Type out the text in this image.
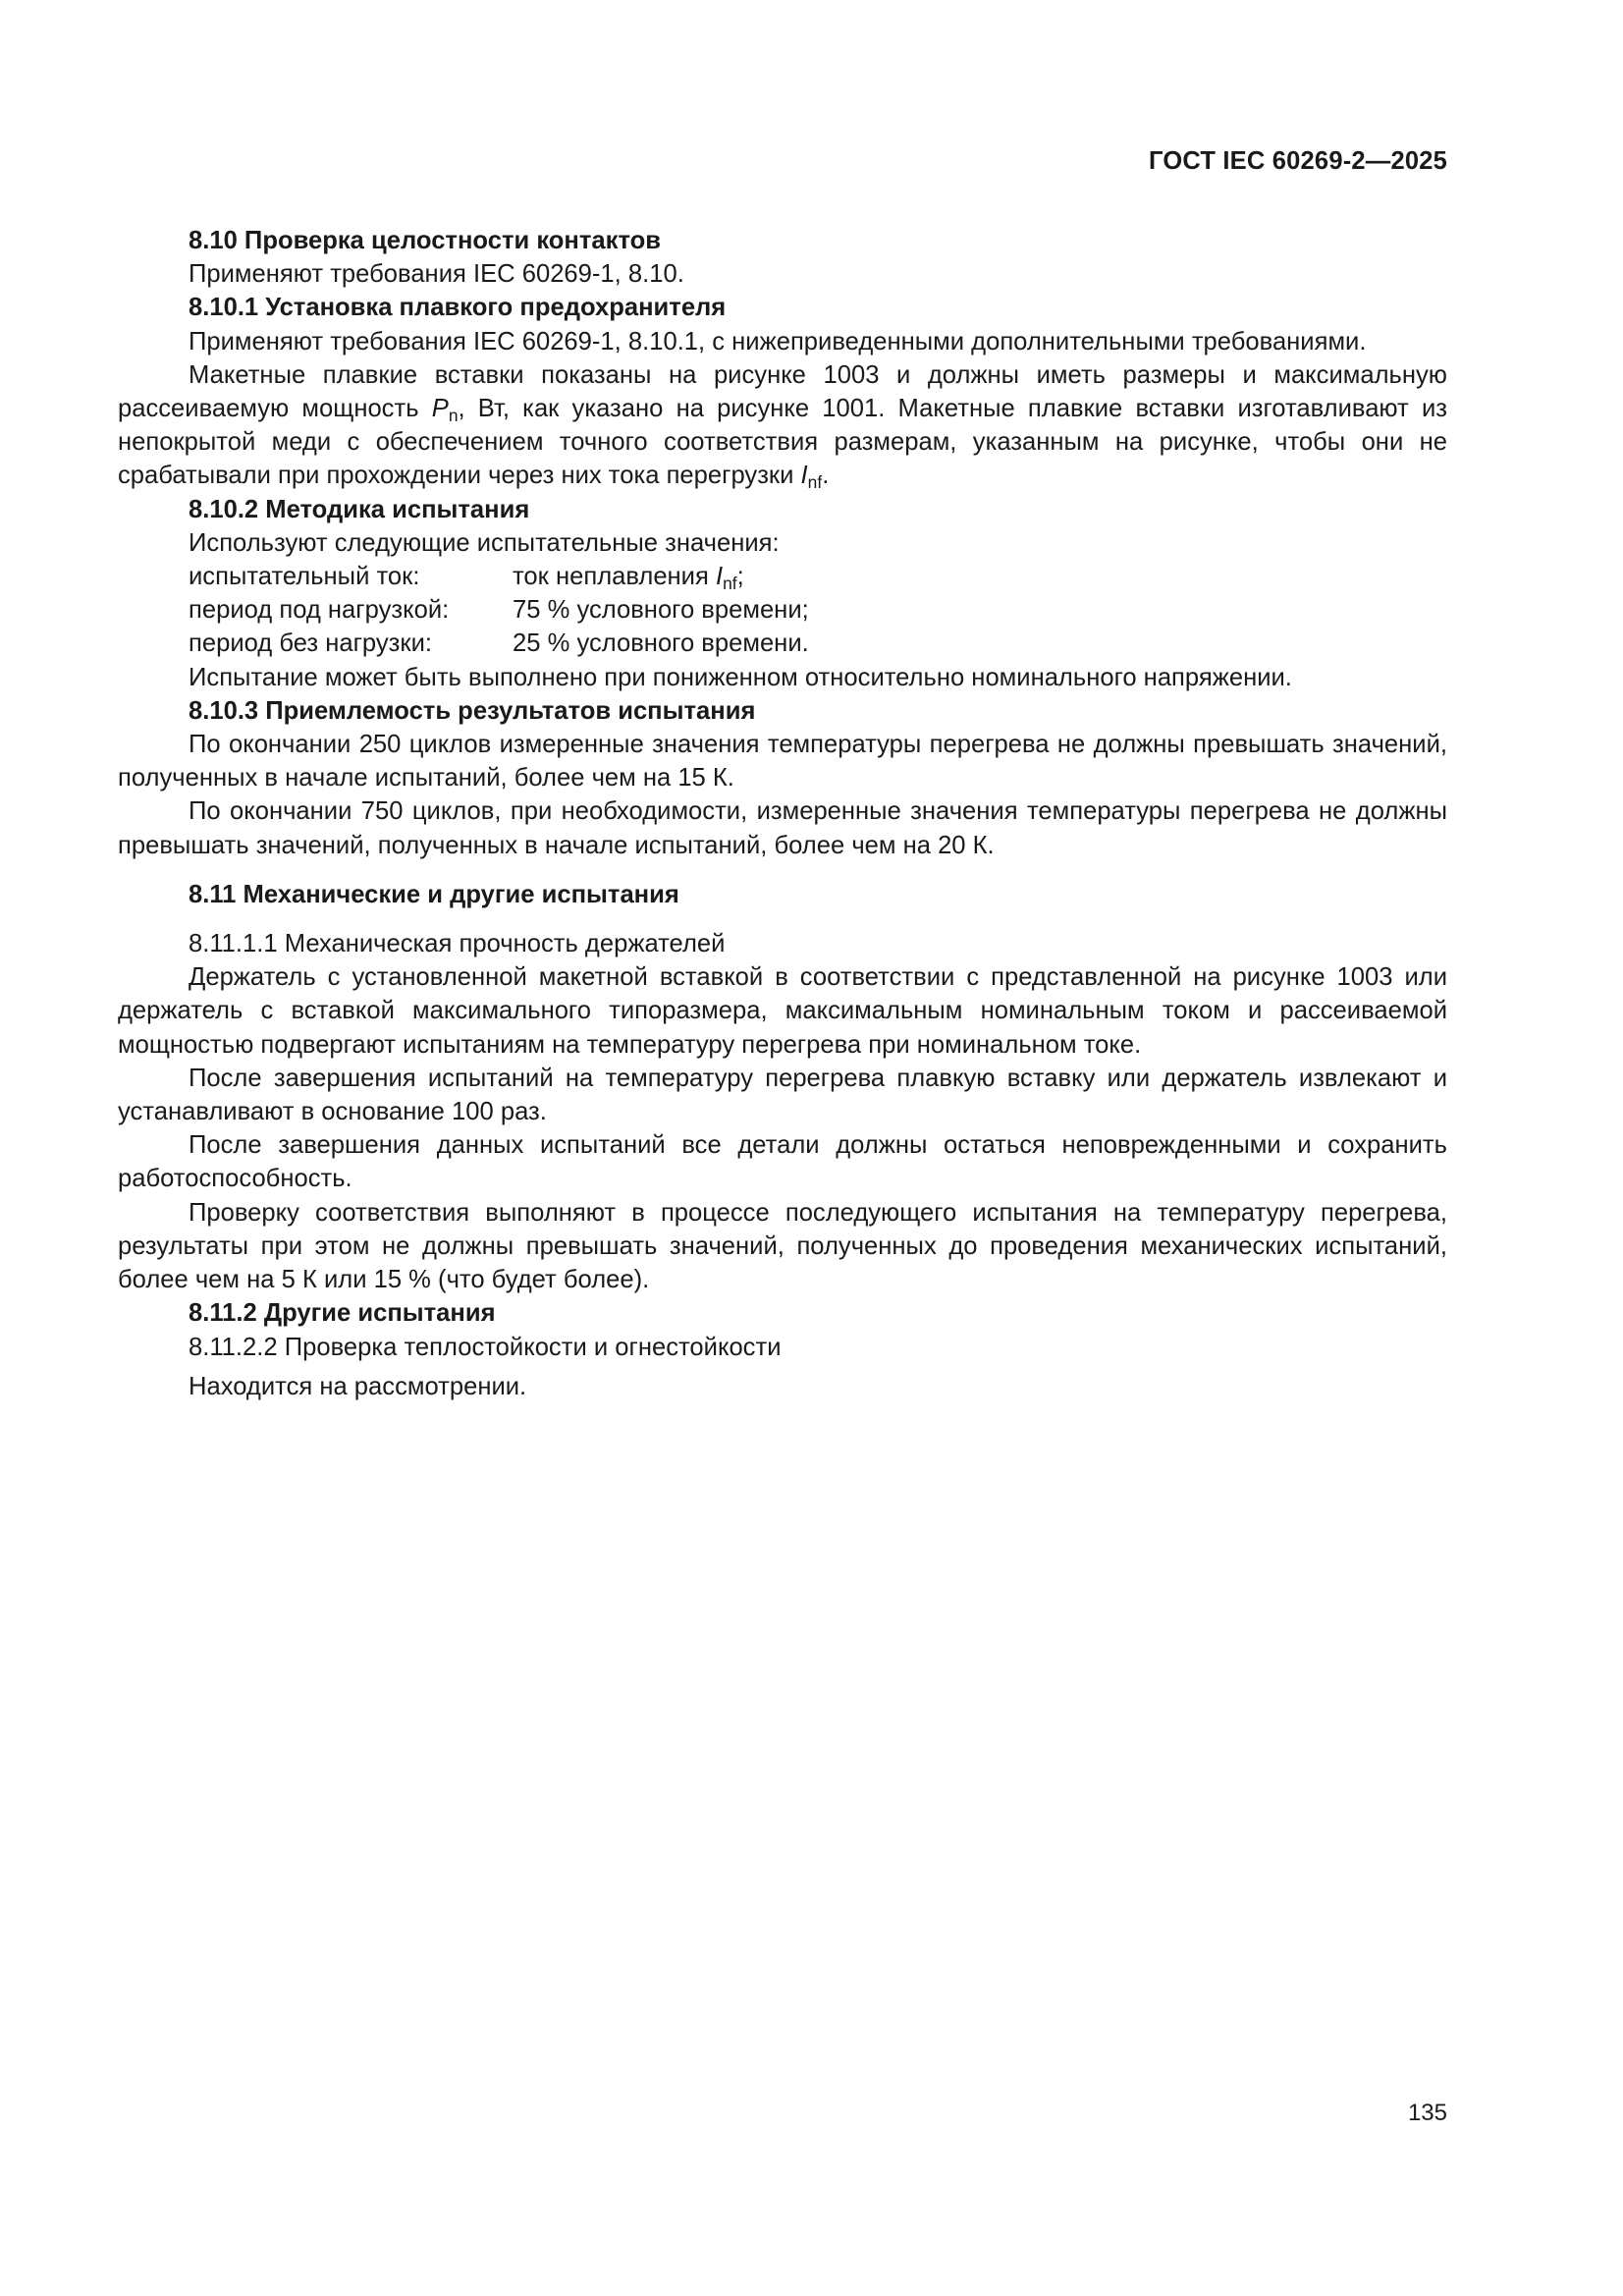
ГОСТ IEC 60269-2—2025

8.10 Проверка целостности контактов

Применяют требования IEC 60269-1, 8.10.

8.10.1 Установка плавкого предохранителя

Применяют требования IEC 60269-1, 8.10.1, с нижеприведенными дополнительными требованиями.

Макетные плавкие вставки показаны на рисунке 1003 и должны иметь размеры и максимальную рассеиваемую мощность $P_n$, Вт, как указано на рисунке 1001. Макетные плавкие вставки изготавливают из непокрытой меди с обеспечением точного соответствия размерам, указанным на рисунке, чтобы они не срабатывали при прохождении через них тока перегрузки $I_{nf}$.

8.10.2 Методика испытания

Используют следующие испытательные значения:

испытательный ток:	ток неплавления $I_{nf}$;
период под нагрузкой:	75 % условного времени;
период без нагрузки:	25 % условного времени.

Испытание может быть выполнено при пониженном относительно номинального напряжении.

8.10.3 Приемлемость результатов испытания

По окончании 250 циклов измеренные значения температуры перегрева не должны превышать значений, полученных в начале испытаний, более чем на 15 К.

По окончании 750 циклов, при необходимости, измеренные значения температуры перегрева не должны превышать значений, полученных в начале испытаний, более чем на 20 К.

8.11 Механические и другие испытания

8.11.1.1 Механическая прочность держателей

Держатель с установленной макетной вставкой в соответствии с представленной на рисунке 1003 или держатель с вставкой максимального типоразмера, максимальным номинальным током и рассеиваемой мощностью подвергают испытаниям на температуру перегрева при номинальном токе.

После завершения испытаний на температуру перегрева плавкую вставку или держатель извлекают и устанавливают в основание 100 раз.

После завершения данных испытаний все детали должны остаться неповрежденными и сохранить работоспособность.

Проверку соответствия выполняют в процессе последующего испытания на температуру перегрева, результаты при этом не должны превышать значений, полученных до проведения механических испытаний, более чем на 5 К или 15 % (что будет более).

8.11.2 Другие испытания

8.11.2.2 Проверка теплостойкости и огнестойкости

Находится на рассмотрении.

135
